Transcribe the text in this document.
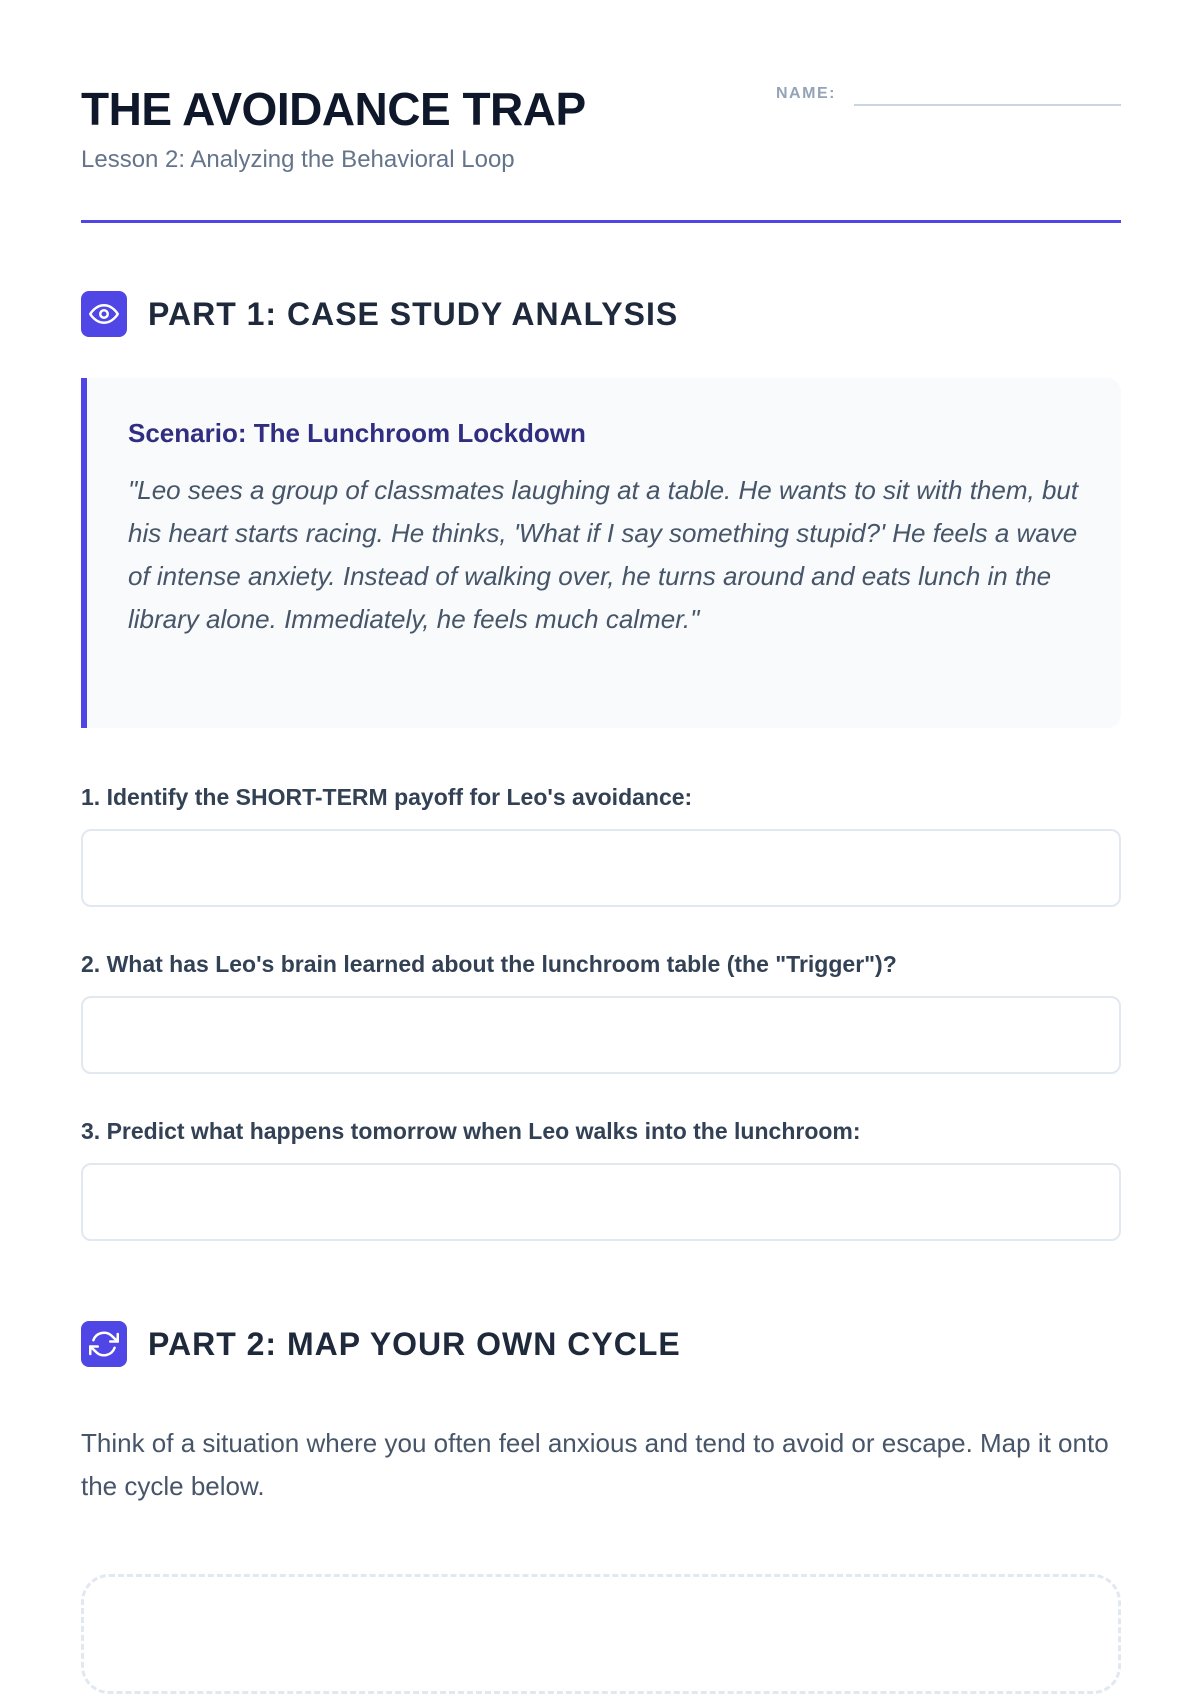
THE AVOIDANCE TRAP

Lesson 2: Analyzing the Behavioral Loop

NAME:
PART 1: CASE STUDY ANALYSIS
Scenario: The Lunchroom Lockdown

"Leo sees a group of classmates laughing at a table. He wants to sit with them, but his heart starts racing. He thinks, 'What if I say something stupid?' He feels a wave of intense anxiety. Instead of walking over, he turns around and eats lunch in the library alone. Immediately, he feels much calmer."

1. Identify the SHORT-TERM payoff for Leo's avoidance:

2. What has Leo's brain learned about the lunchroom table (the "Trigger")?

3. Predict what happens tomorrow when Leo walks into the lunchroom:

PART 2: MAP YOUR OWN CYCLE

Think of a situation where you often feel anxious and tend to avoid or escape. Map it onto the cycle below.
